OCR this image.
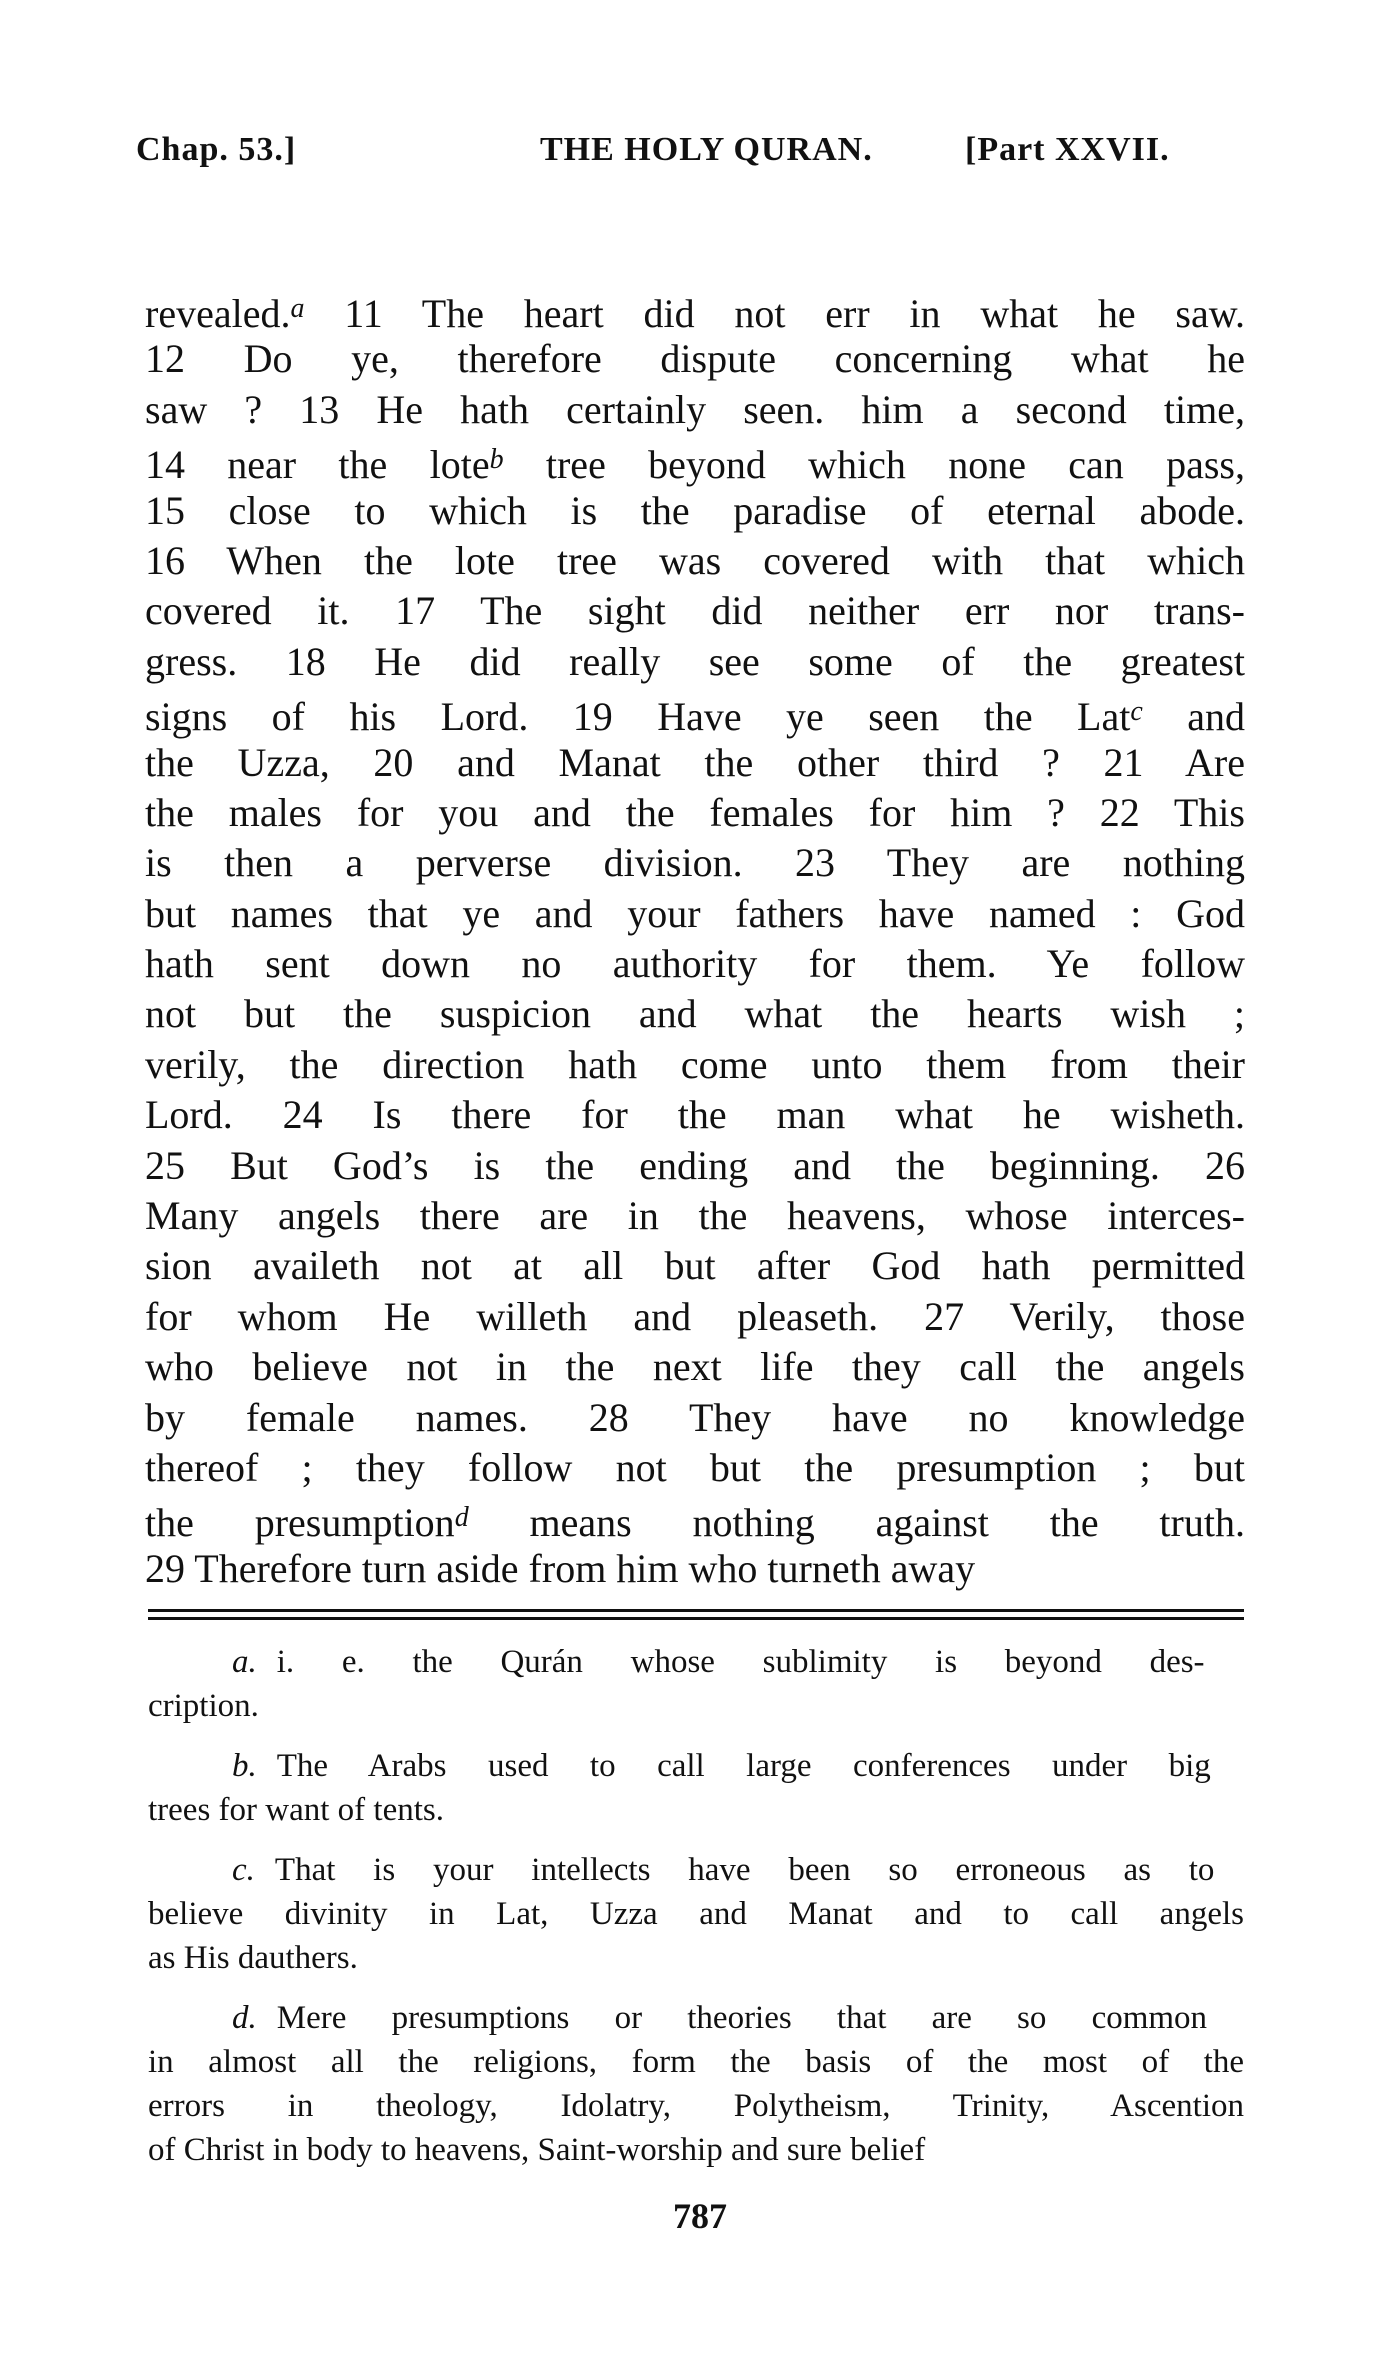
Chap. 53.]	THE HOLY QURAN.	[Part XXVII.
revealed.$^a$ 11 The heart did not err in what he saw.
12 Do ye, therefore dispute concerning what he
saw ? 13 He hath certainly seen. him a second time,
14 near the lote$^b$ tree beyond which none can pass,
15 close to which is the paradise of eternal abode.
16 When the lote tree was covered with that which
covered it. 17 The sight did neither err nor trans-
gress. 18 He did really see some of the greatest
signs of his Lord. 19 Have ye seen the Lat$^c$ and
the Uzza, 20 and Manat the other third ? 21 Are
the males for you and the females for him ? 22 This
is then a perverse division. 23 They are nothing
but names that ye and your fathers have named : God
hath sent down no authority for them. Ye follow
not but the suspicion and what the hearts wish ;
verily, the direction hath come unto them from their
Lord. 24 Is there for the man what he wisheth.
25 But God’s is the ending and the beginning. 26
Many angels there are in the heavens, whose interces-
sion availeth not at all but after God hath permitted
for whom He willeth and pleaseth. 27 Verily, those
who believe not in the next life they call the angels
by female names. 28 They have no knowledge
thereof ; they follow not but the presumption ; but
the presumption$^d$ means nothing against the truth.
29 Therefore turn aside from him who turneth away
a. i. e. the Qurán whose sublimity is beyond des-
cription.
b. The Arabs used to call large conferences under big
trees for want of tents.
c. That is your intellects have been so erroneous as to
believe divinity in Lat, Uzza and Manat and to call angels
as His dauthers.
d. Mere presumptions or theories that are so common
in almost all the religions, form the basis of the most of the
errors in theology, Idolatry, Polytheism, Trinity, Ascention
of Christ in body to heavens, Saint-worship and sure belief
787
